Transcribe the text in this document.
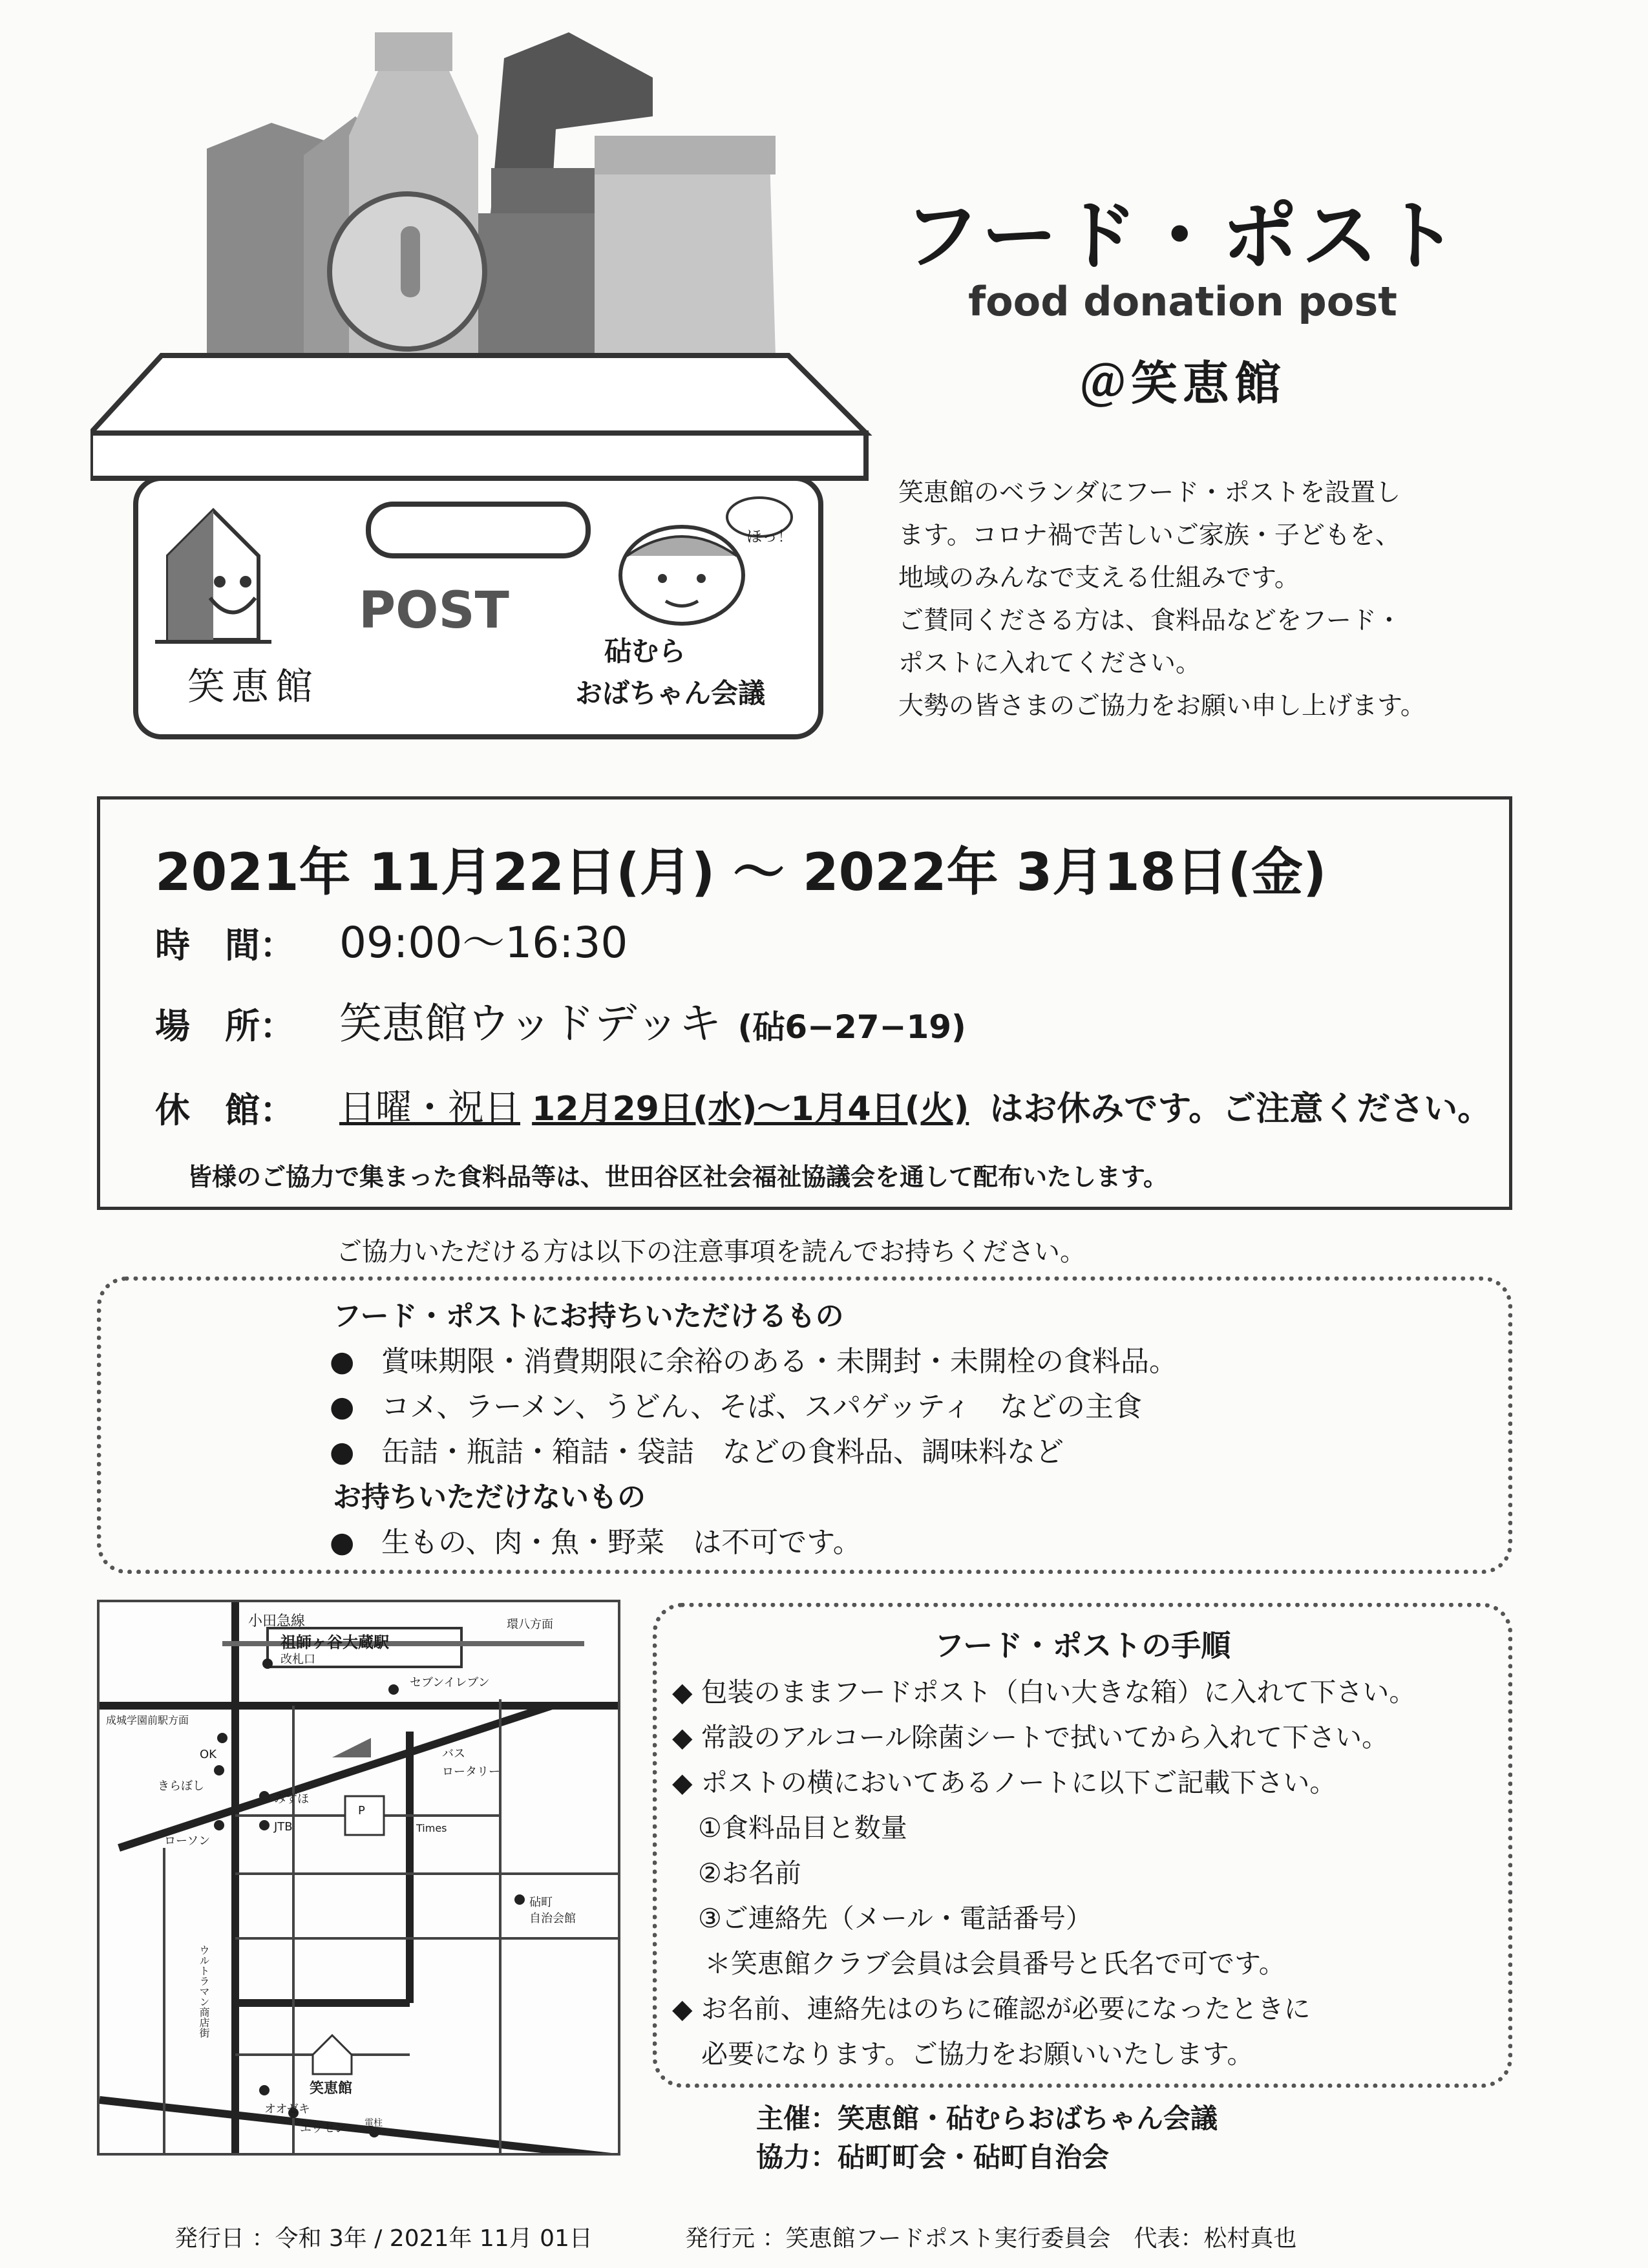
POST
笑恵館
砧むら
おばちゃん会議
ほっ！
フード・ポスト
food donation post
＠笑恵館
笑恵館のベランダにフード・ポストを設置し
ます。コロナ禍で苦しいご家族・子どもを、
地域のみんなで支える仕組みです。
ご賛同くださる方は、食料品などをフード・
ポストに入れてください。
大勢の皆さまのご協力をお願い申し上げます。
2021年 11月22日(月) 〜 2022年 3月18日(金)
時　間： 09:00〜16:30
場　所： 笑恵館ウッドデッキ (砧6−27−19)
休　館： 日曜・祝日 12月29日(水)〜1月4日(火) はお休みです。ご注意ください。
皆様のご協力で集まった食料品等は、世田谷区社会福祉協議会を通して配布いたします。
ご協力いただける方は以下の注意事項を読んでお持ちください。
フード・ポストにお持ちいただけるもの
● 賞味期限・消費期限に余裕のある・未開封・未開栓の食料品。
● コメ、ラーメン、うどん、そば、スパゲッティ　などの主食
● 缶詰・瓶詰・箱詰・袋詰　などの食料品、調味料など
お持ちいただけないもの
● 生もの、肉・魚・野菜　は不可です。
小田急線
祖師ヶ谷大蔵駅
改札口
セブンイレブン
成城学園前駅方面
環八方面
OK
きらぼし
みずほ
P
Times
バス
ロータリー
ローソン
JTB
ウルトラマン商店街
砧町
自治会館
笑恵館
オオゼキ
エッセン 電柱
フード・ポストの手順
◆ 包装のままフードポスト（白い大きな箱）に入れて下さい。
◆ 常設のアルコール除菌シートで拭いてから入れて下さい。
◆ ポストの横においてあるノートに以下ご記載下さい。
①食料品目と数量
②お名前
③ご連絡先（メール・電話番号）
＊笑恵館クラブ会員は会員番号と氏名で可です。
◆ お名前、連絡先はのちに確認が必要になったときに
必要になります。ご協力をお願いいたします。
主催：笑恵館・砧むらおばちゃん会議
協力：砧町町会・砧町自治会
発行日 ：令和 3年 / 2021年 11月 01日	発行元 ：笑恵館フードポスト実行委員会　代表：松村真也
